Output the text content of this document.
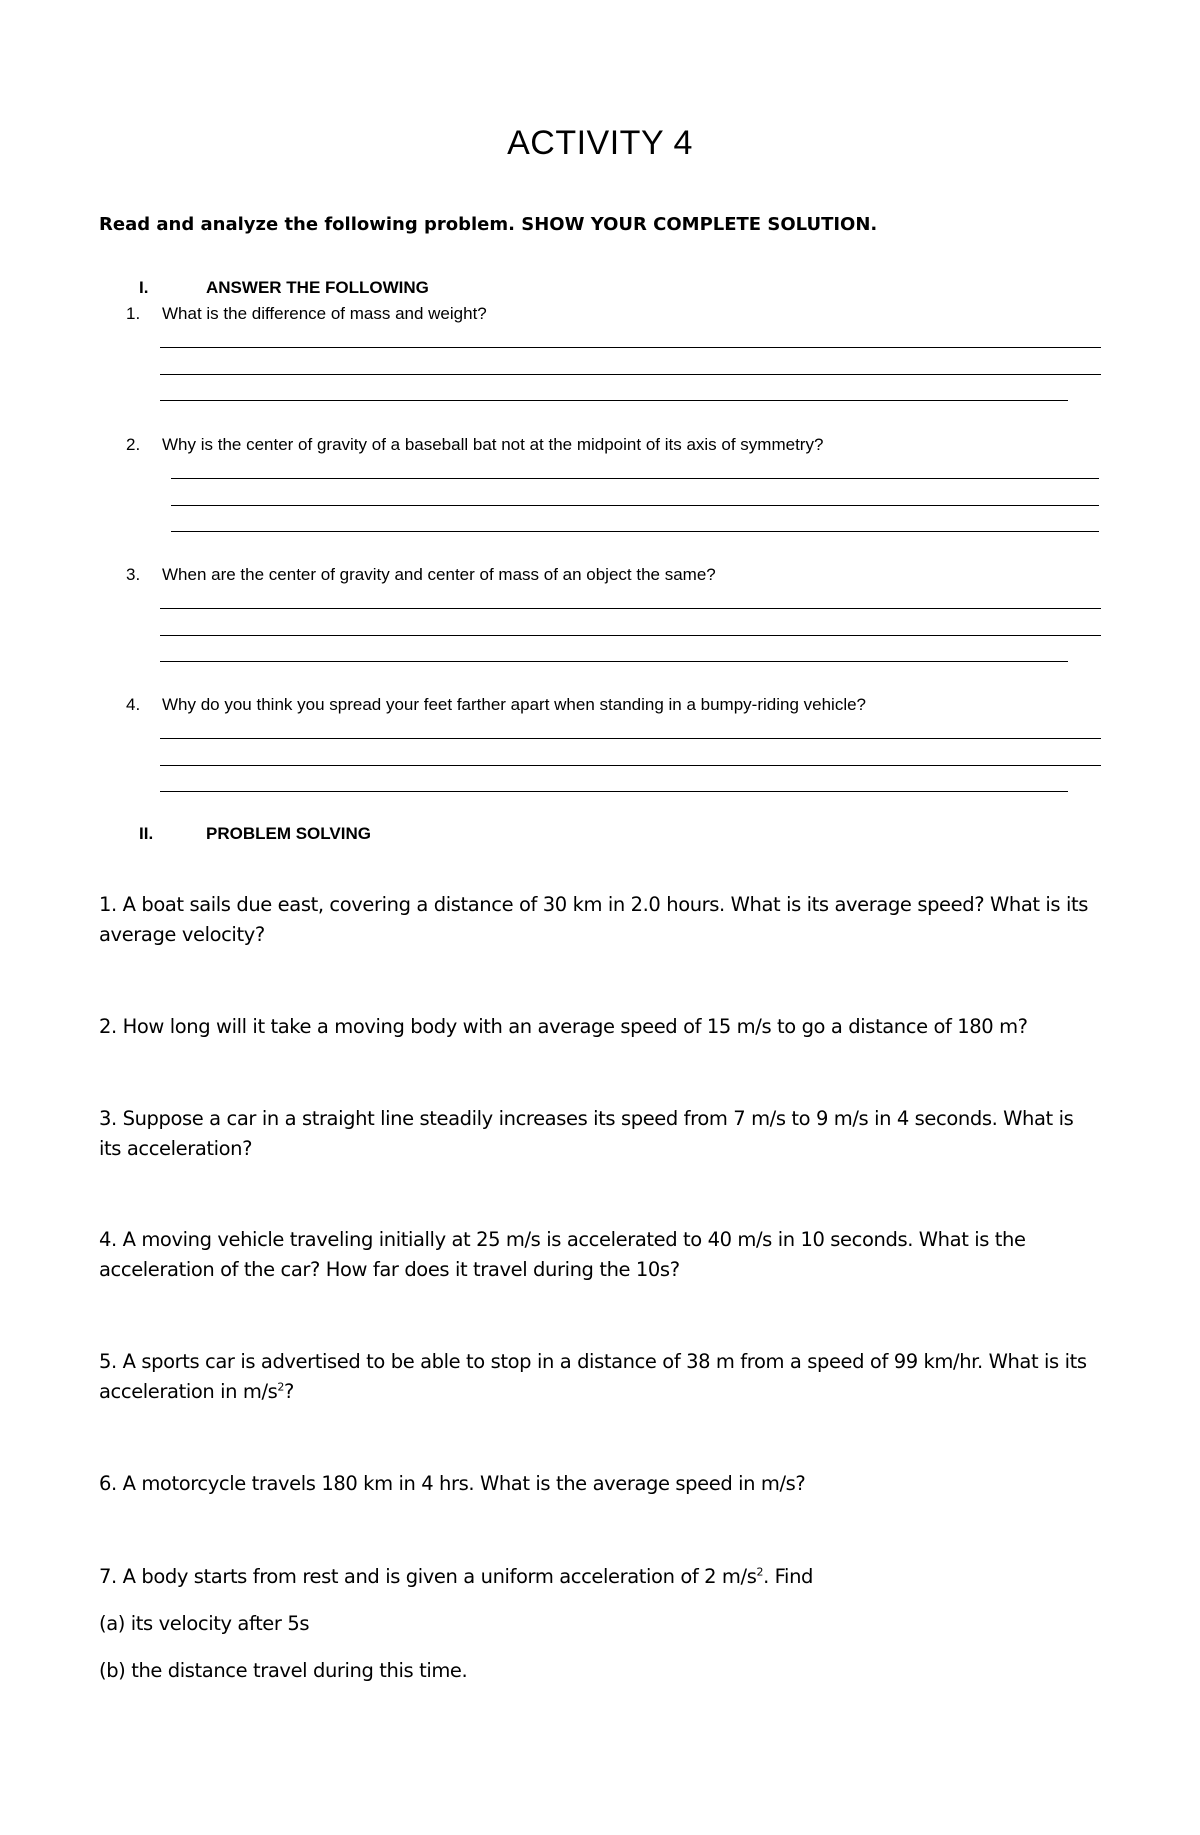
ACTIVITY 4
Read and analyze the following problem. SHOW YOUR COMPLETE SOLUTION.
I.	ANSWER THE FOLLOWING
1.	What is the difference of mass and weight?
2.	Why is the center of gravity of a baseball bat not at the midpoint of its axis of symmetry?
3.	When are the center of gravity and center of mass of an object the same?
4.	Why do you think you spread your feet farther apart when standing in a bumpy-riding vehicle?
II.	PROBLEM SOLVING
1. A boat sails due east, covering a distance of 30 km in 2.0 hours. What is its average speed? What is its
average velocity?
2. How long will it take a moving body with an average speed of 15 m/s to go a distance of 180 m?
3. Suppose a car in a straight line steadily increases its speed from 7 m/s to 9 m/s in 4 seconds. What is
its acceleration?
4. A moving vehicle traveling initially at 25 m/s is accelerated to 40 m/s in 10 seconds. What is the
acceleration of the car? How far does it travel during the 10s?
5. A sports car is advertised to be able to stop in a distance of 38 m from a speed of 99 km/hr. What is its
acceleration in $m/s^2$?
6. A motorcycle travels 180 km in 4 hrs. What is the average speed in m/s?
7. A body starts from rest and is given a uniform acceleration of 2 $m/s^2$. Find
(a) its velocity after 5s
(b) the distance travel during this time.
